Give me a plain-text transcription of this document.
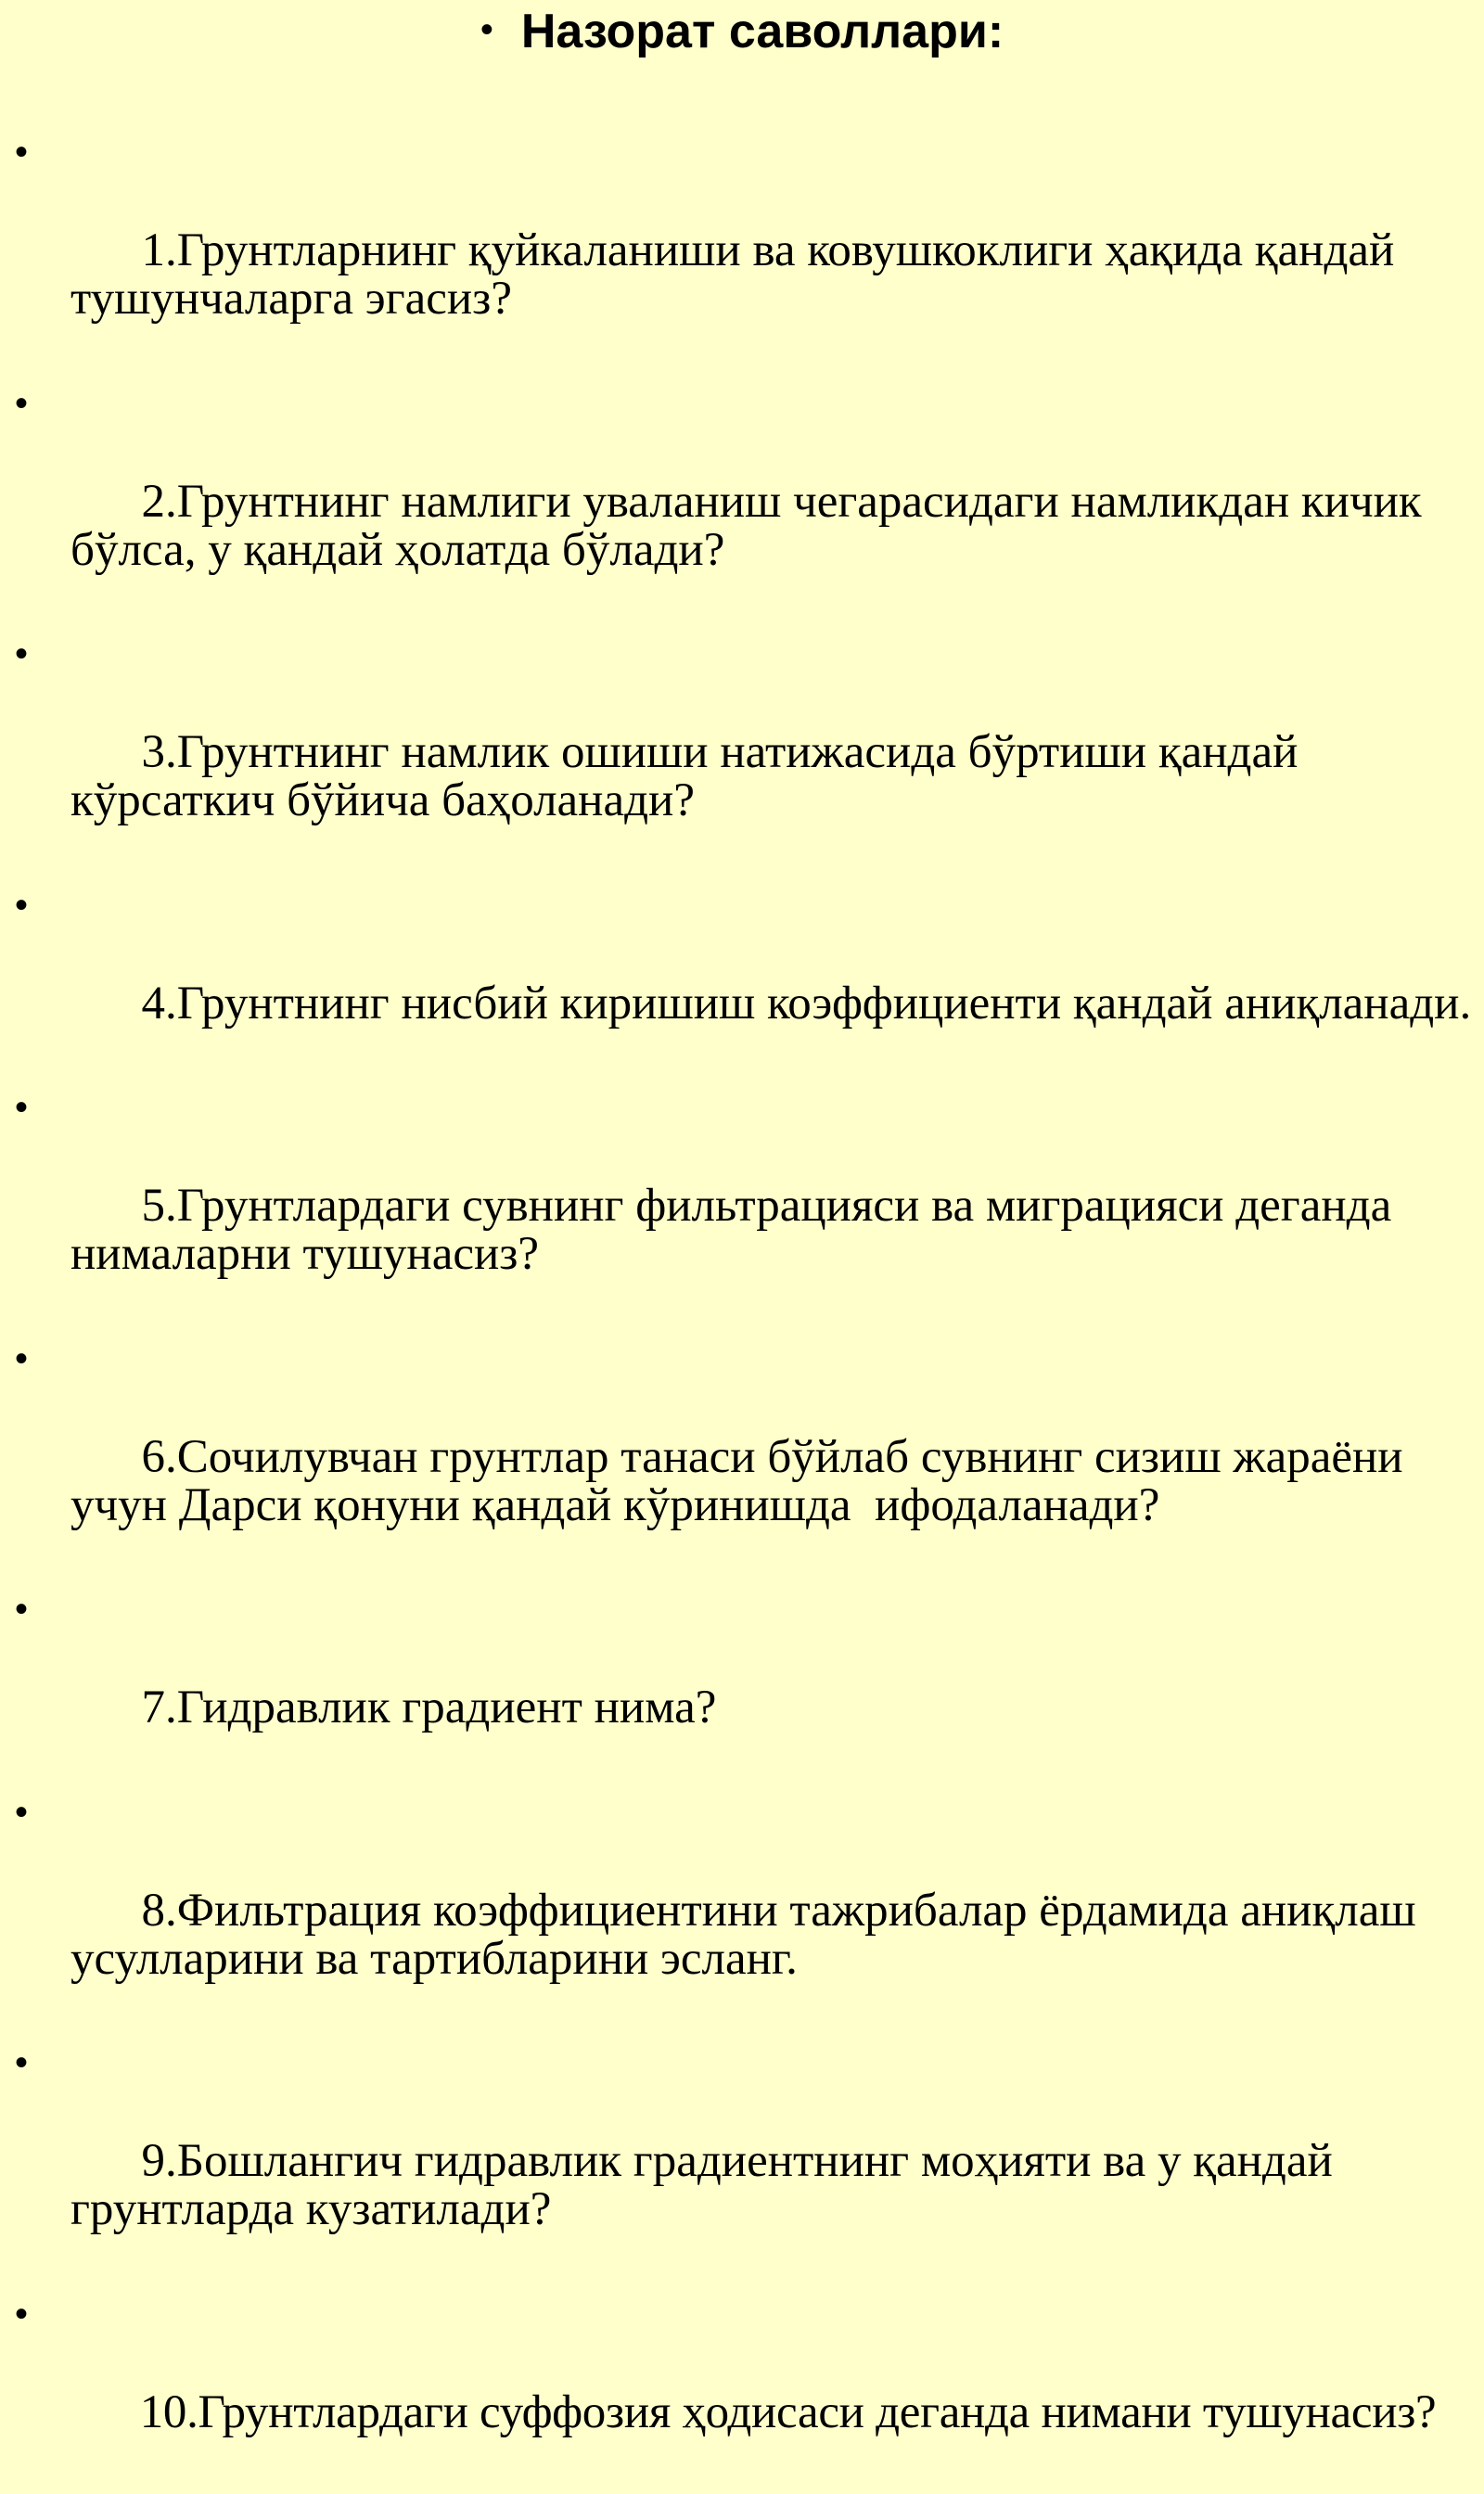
• Назорат саволлари:

•

1.Грунтларнинг қуйкаланиши ва ковушкоклиги ҳақида қандай тушунчаларга эгасиз?

•

2.Грунтнинг намлиги уваланиш чегарасидаги намликдан кичик бўлса, у қандай ҳолатда бўлади?

•

3.Грунтнинг намлик ошиши натижасида бўртиши қандай кўрсаткич бўйича баҳоланади?

•

4.Грунтнинг нисбий киришиш коэффициенти қандай аниқланади.

•

5.Грунтлардаги сувнинг фильтрацияси ва миграцияси деганда нималарни тушунасиз?

•

6.Сочилувчан грунтлар танаси бўйлаб сувнинг сизиш жараёни учун Дарси қонуни қандай кўринишда  ифодаланади?

•

7.Гидравлик градиент нима?

•

8.Фильтрация коэффициентини тажрибалар ёрдамида аниқлаш усулларини ва тартибларини эсланг.

•

9.Бошлангич гидравлик градиентнинг моҳияти ва у қандай грунтларда кузатилади?

•

10.Грунтлардаги суффозия ҳодисаси деганда нимани тушунасиз?
